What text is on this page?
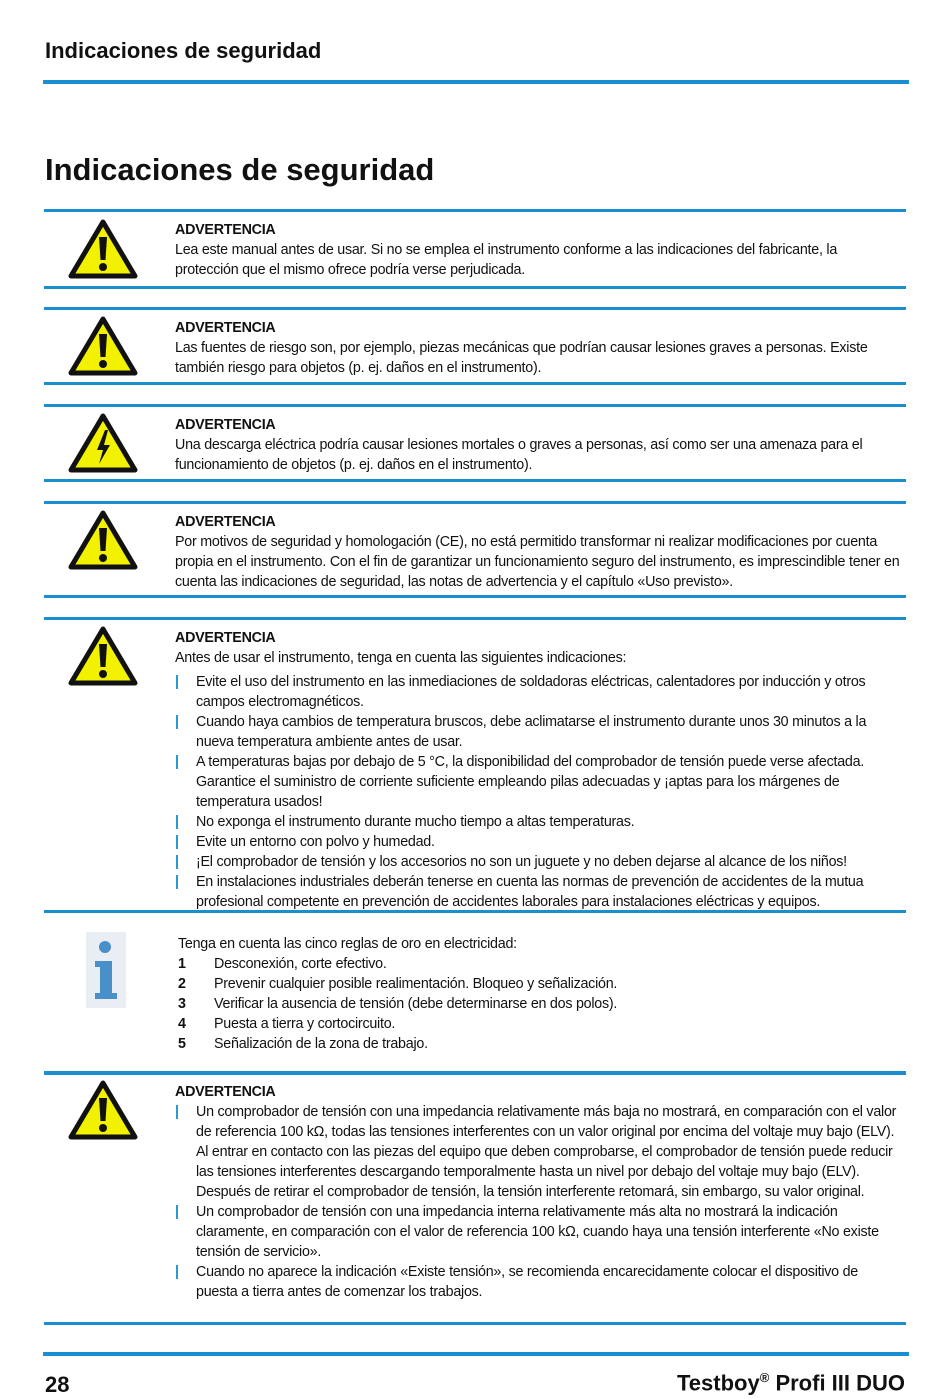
Indicaciones de seguridad
Indicaciones de seguridad
ADVERTENCIA
Lea este manual antes de usar. Si no se emplea el instrumento conforme a las indicaciones del fabricante, la protección que el mismo ofrece podría verse perjudicada.
ADVERTENCIA
Las fuentes de riesgo son, por ejemplo, piezas mecánicas que podrían causar lesiones graves a personas. Existe también riesgo para objetos (p. ej. daños en el instrumento).
ADVERTENCIA
Una descarga eléctrica podría causar lesiones mortales o graves a personas, así como ser una amenaza para el funcionamiento de objetos (p. ej. daños en el instrumento).
ADVERTENCIA
Por motivos de seguridad y homologación (CE), no está permitido transformar ni realizar modificaciones por cuenta propia en el instrumento. Con el fin de garantizar un funcionamiento seguro del instrumento, es imprescindible tener en cuenta las indicaciones de seguridad, las notas de advertencia y el capítulo «Uso previsto».
ADVERTENCIA
Antes de usar el instrumento, tenga en cuenta las siguientes indicaciones:
| Evite el uso del instrumento en las inmediaciones de soldadoras eléctricas, calentadores por inducción y otros campos electromagnéticos.
| Cuando haya cambios de temperatura bruscos, debe aclimatarse el instrumento durante unos 30 minutos a la nueva temperatura ambiente antes de usar.
| A temperaturas bajas por debajo de 5 °C, la disponibilidad del comprobador de tensión puede verse afectada. Garantice el suministro de corriente suficiente empleando pilas adecuadas y ¡aptas para los márgenes de temperatura usados!
| No exponga el instrumento durante mucho tiempo a altas temperaturas.
| Evite un entorno con polvo y humedad.
| ¡El comprobador de tensión y los accesorios no son un juguete y no deben dejarse al alcance de los niños!
| En instalaciones industriales deberán tenerse en cuenta las normas de prevención de accidentes de la mutua profesional competente en prevención de accidentes laborales para instalaciones eléctricas y equipos.
Tenga en cuenta las cinco reglas de oro en electricidad:
1 Desconexión, corte efectivo.
2 Prevenir cualquier posible realimentación. Bloqueo y señalización.
3 Verificar la ausencia de tensión (debe determinarse en dos polos).
4 Puesta a tierra y cortocircuito.
5 Señalización de la zona de trabajo.
ADVERTENCIA
| Un comprobador de tensión con una impedancia relativamente más baja no mostrará, en comparación con el valor de referencia 100 kΩ, todas las tensiones interferentes con un valor original por encima del voltaje muy bajo (ELV). Al entrar en contacto con las piezas del equipo que deben comprobarse, el comprobador de tensión puede reducir las tensiones interferentes descargando temporalmente hasta un nivel por debajo del voltaje muy bajo (ELV). Después de retirar el comprobador de tensión, la tensión interferente retomará, sin embargo, su valor original.
| Un comprobador de tensión con una impedancia interna relativamente más alta no mostrará la indicación claramente, en comparación con el valor de referencia 100 kΩ, cuando haya una tensión interferente «No existe tensión de servicio».
| Cuando no aparece la indicación «Existe tensión», se recomienda encarecidamente colocar el dispositivo de puesta a tierra antes de comenzar los trabajos.
28	Testboy® Profi III DUO
